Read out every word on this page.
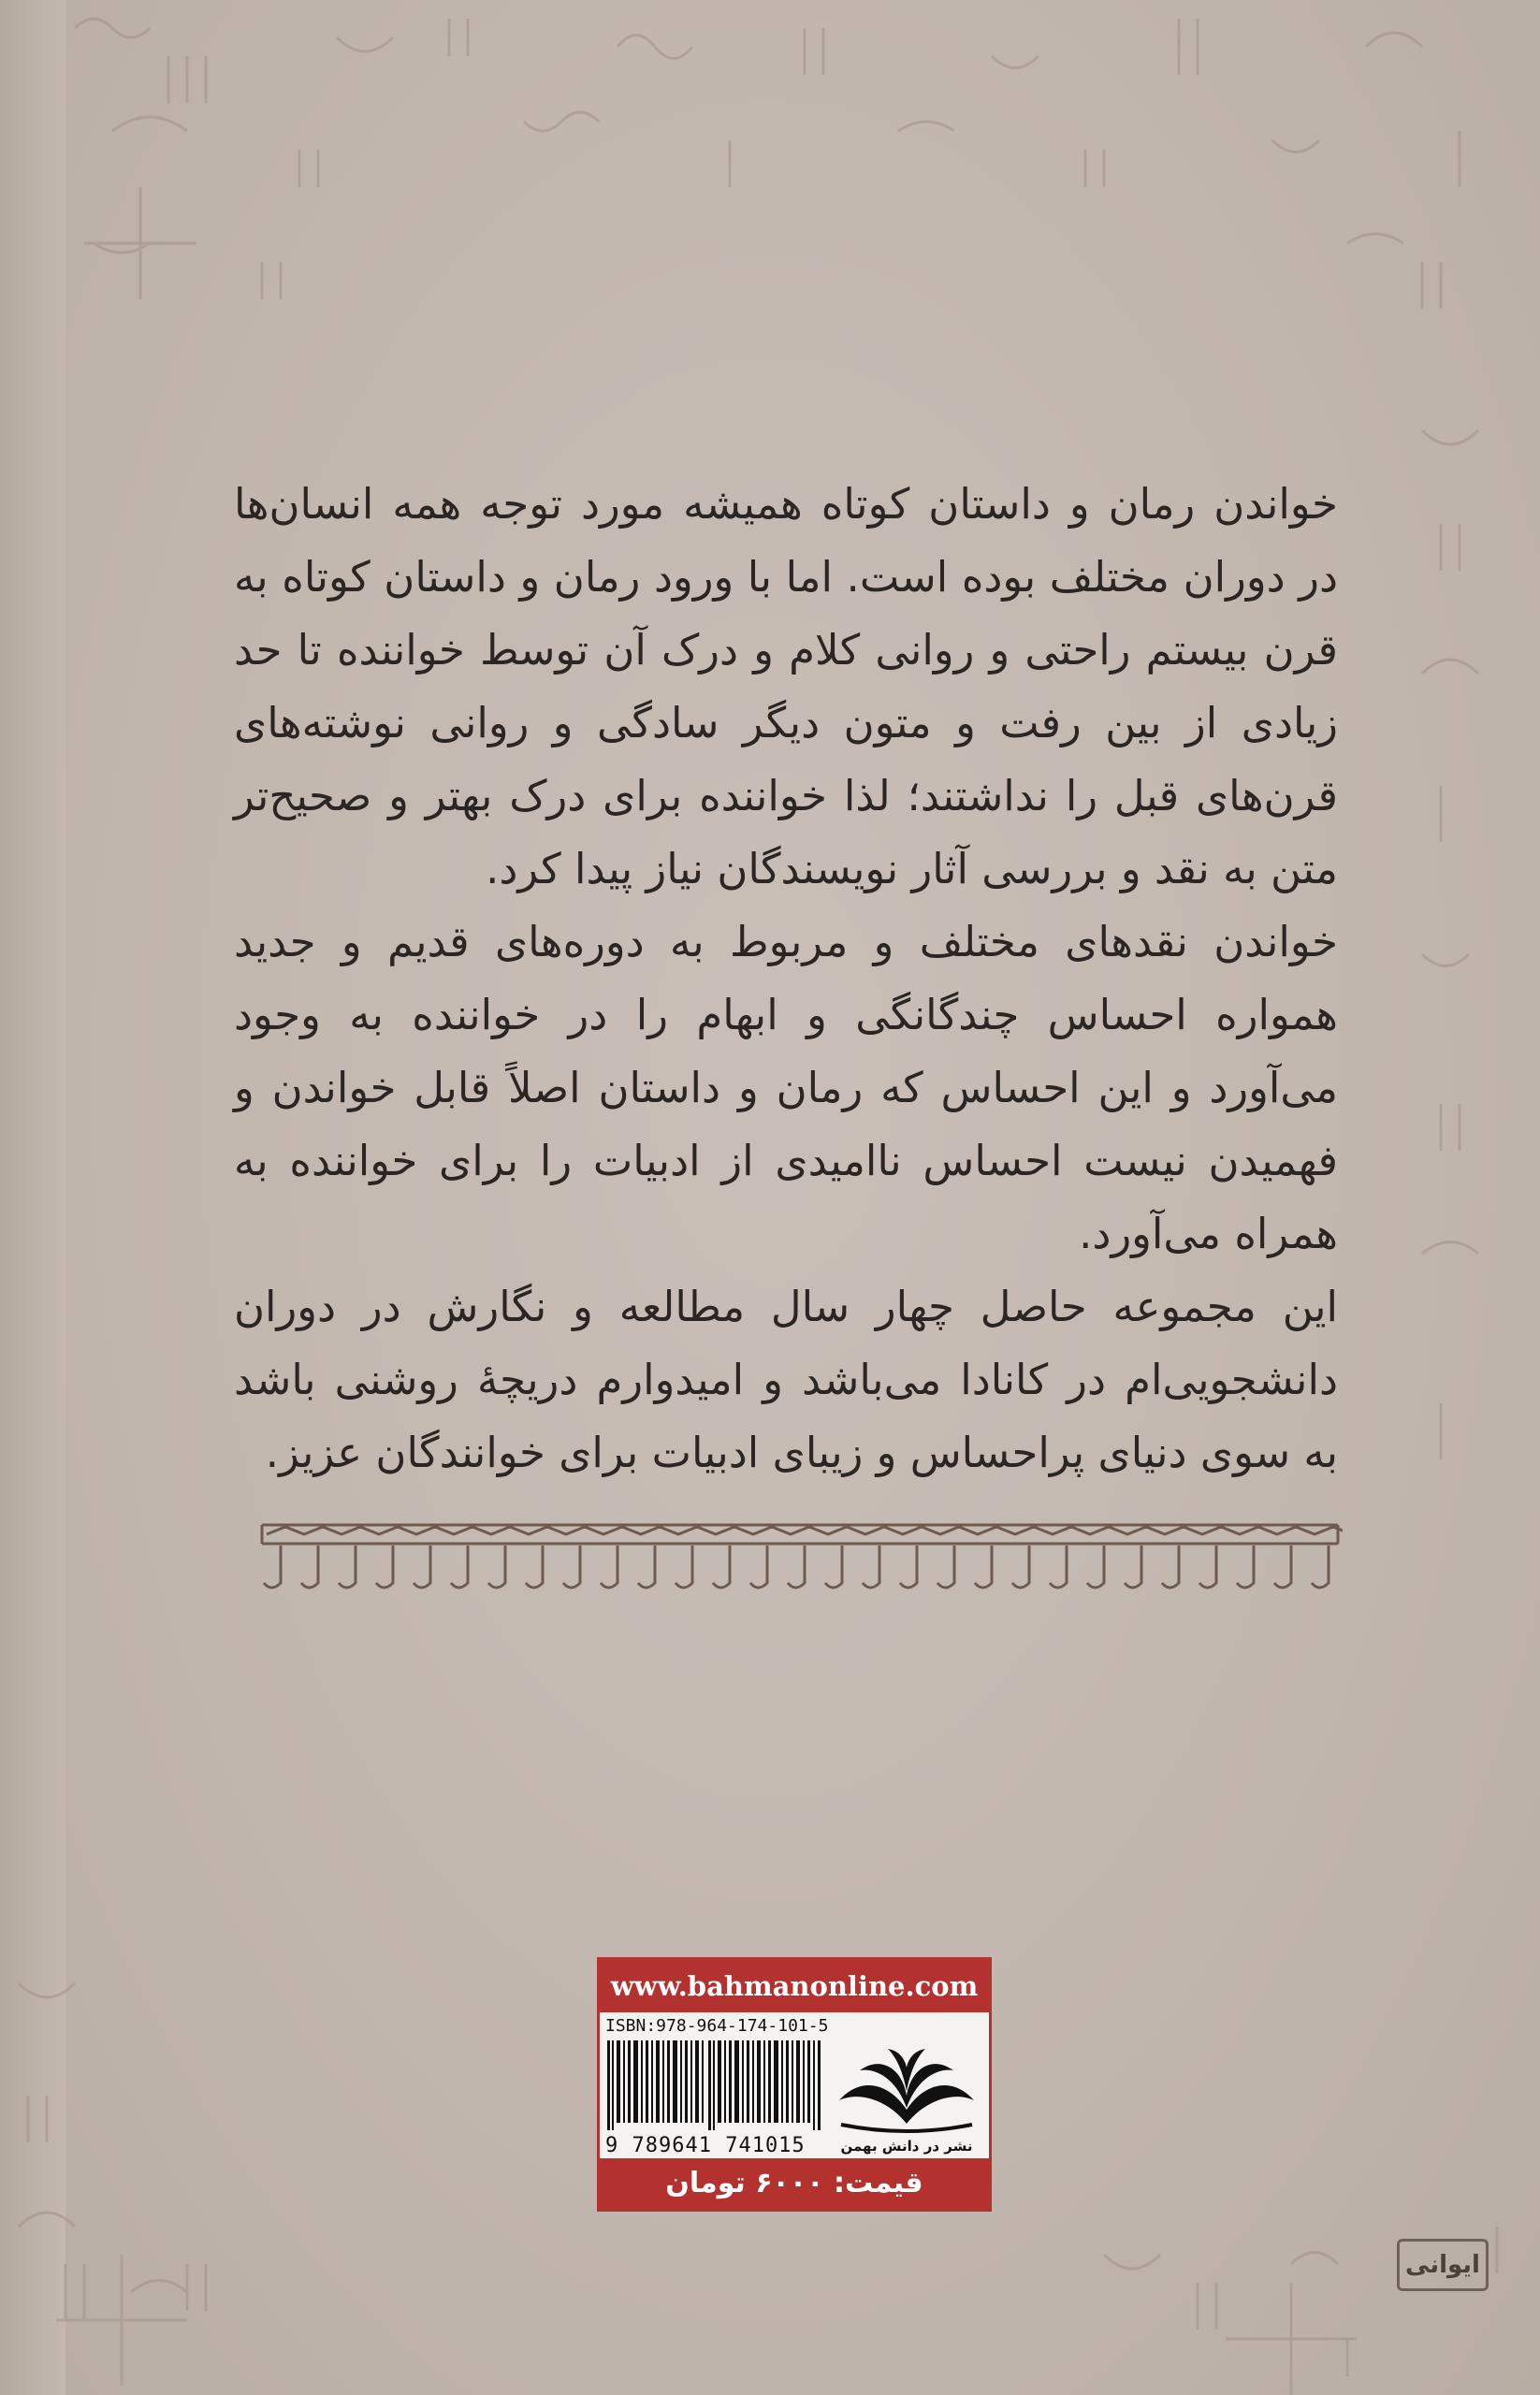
خواندن رمان و داستان کوتاه همیشه مورد توجه همه انسان‌ها در دوران مختلف بوده است. اما با ورود رمان و داستان کوتاه به قرن بیستم راحتی و روانی کلام و درک آن توسط خواننده تا حد زیادی از بین رفت و متون دیگر سادگی و روانی نوشته‌های قرن‌های قبل را نداشتند؛ لذا خواننده برای درک بهتر و صحیح‌تر متن به نقد و بررسی آثار نویسندگان نیاز پیدا کرد.

خواندن نقدهای مختلف و مربوط به دوره‌های قدیم و جدید همواره احساس چندگانگی و ابهام را در خواننده به وجود می‌آورد و این احساس که رمان و داستان اصلاً قابل خواندن و فهمیدن نیست احساس ناامیدی از ادبیات را برای خواننده به همراه می‌آورد.

این مجموعه حاصل چهار سال مطالعه و نگارش در دوران دانشجویی‌ام در کانادا می‌باشد و امیدوارم دریچهٔ روشنی باشد به سوی دنیای پراحساس و زیبای ادبیات برای خوانندگان عزیز.

www.bahmanonline.com
ISBN:978-964-174-101-5
9 789641 741015	نشر در دانش بهمن
قیمت: ۶۰۰۰ تومان
ایوانی
